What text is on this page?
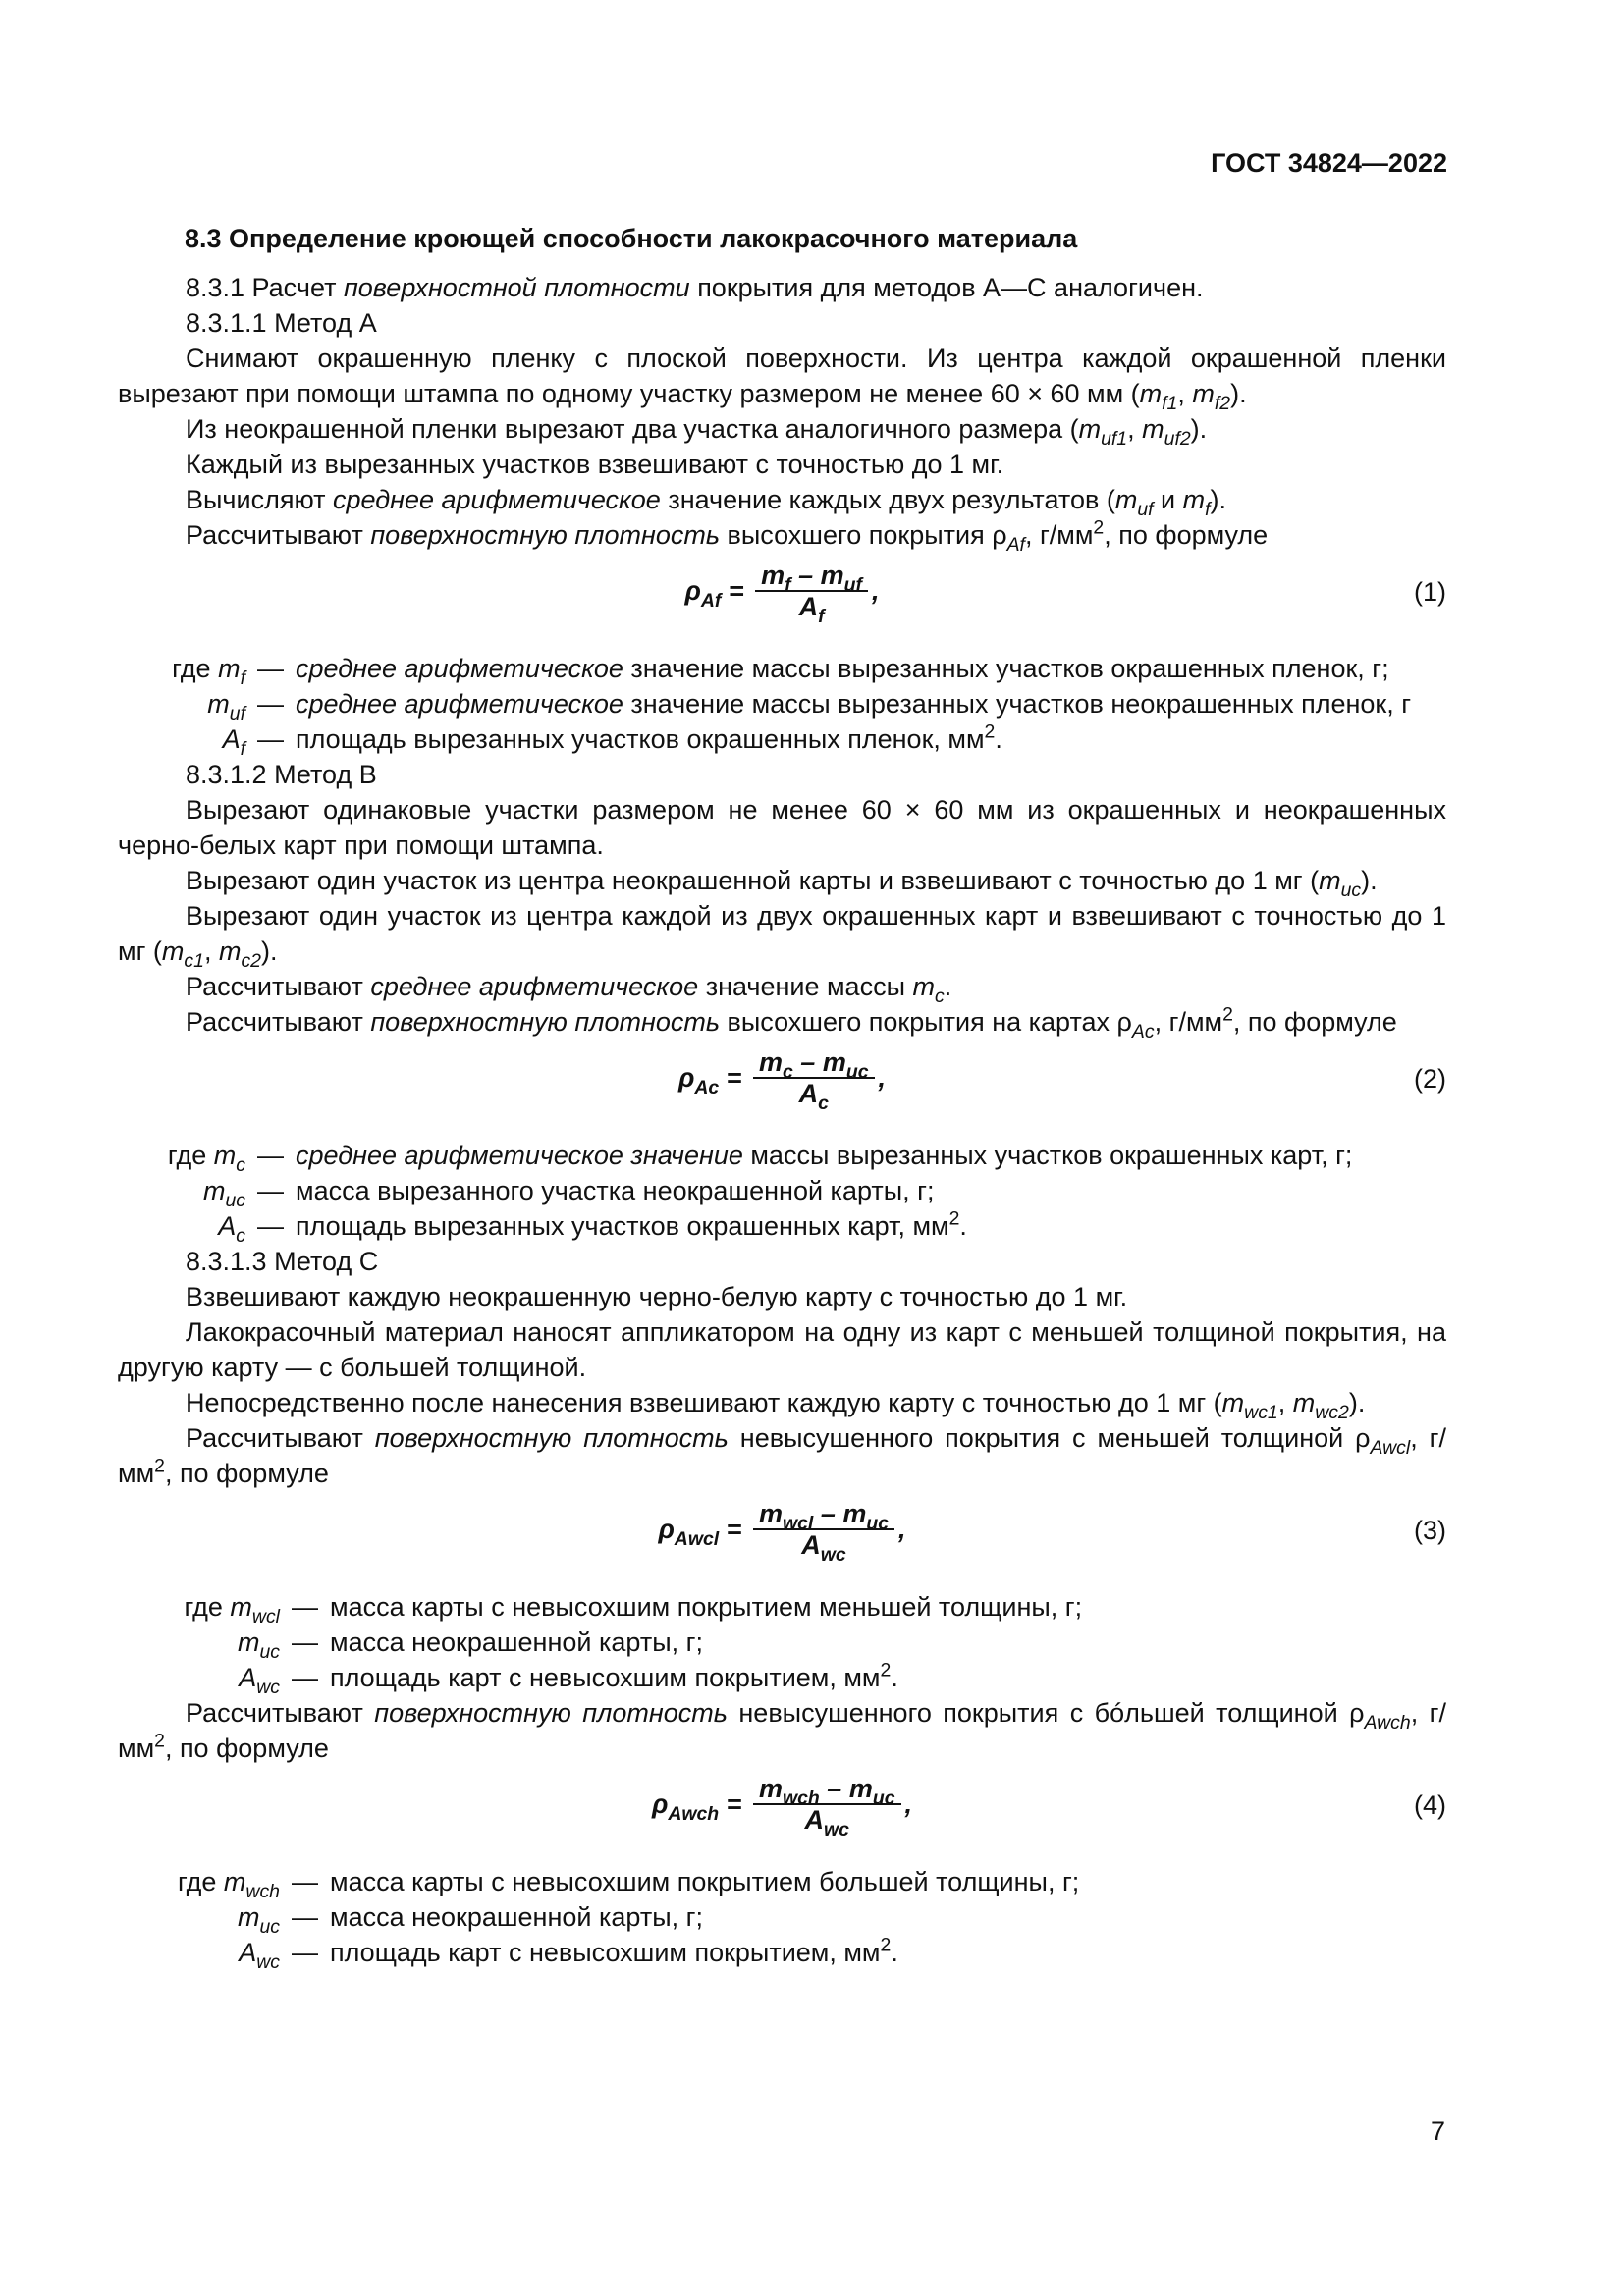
ГОСТ 34824—2022
8.3 Определение кроющей способности лакокрасочного материала

8.3.1 Расчет поверхностной плотности покрытия для методов А—С аналогичен.

8.3.1.1 Метод А

Снимают окрашенную пленку с плоской поверхности. Из центра каждой окрашенной пленки вырезают при помощи штампа по одному участку размером не менее 60 × 60 мм ($m_{f1}$, $m_{f2}$).

Из неокрашенной пленки вырезают два участка аналогичного размера ($m_{uf1}$, $m_{uf2}$).

Каждый из вырезанных участков взвешивают с точностью до 1 мг.

Вычисляют среднее арифметическое значение каждых двух результатов ($m_{uf}$ и $m_f$).

Рассчитывают поверхностную плотность высохшего покрытия $\rho_{Af}$, $г/мм^2$, по формуле

$\rho_{Af} = \frac{m_f - m_{uf}}{A_f}$ ,	(1)
где $m_f$ — среднее арифметическое значение массы вырезанных участков окрашенных пленок, г;
$m_{uf}$ — среднее арифметическое значение массы вырезанных участков неокрашенных пленок, г
$A_f$ — площадь вырезанных участков окрашенных пленок, $мм^2$.

8.3.1.2 Метод В

Вырезают одинаковые участки размером не менее 60 × 60 мм из окрашенных и неокрашенных черно-белых карт при помощи штампа.

Вырезают один участок из центра неокрашенной карты и взвешивают с точностью до 1 мг $(m_{uc})$.

Вырезают один участок из центра каждой из двух окрашенных карт и взвешивают с точностью до 1 мг ($m_{c1}$, $m_{c2}$).

Рассчитывают среднее арифметическое значение массы $m_c$.

Рассчитывают поверхностную плотность высохшего покрытия на картах $\rho_{Ac}$, $г/мм^2$, по формуле

$\rho_{Ac} = \frac{m_c - m_{uc}}{A_c}$ ,	(2)
где $m_c$ — среднее арифметическое значение массы вырезанных участков окрашенных карт, г;
$m_{uc}$ — масса вырезанного участка неокрашенной карты, г;
$A_c$ — площадь вырезанных участков окрашенных карт, $мм^2$.

8.3.1.3 Метод С

Взвешивают каждую неокрашенную черно-белую карту с точностью до 1 мг.

Лакокрасочный материал наносят аппликатором на одну из карт с меньшей толщиной покрытия, на другую карту — с большей толщиной.

Непосредственно после нанесения взвешивают каждую карту с точностью до 1 мг ($m_{wc1}$, $m_{wc2}$).

Рассчитывают поверхностную плотность невысушенного покрытия с меньшей толщиной $\rho_{Awcl}$, $г/мм^2$, по формуле

$\rho_{Awcl} = \frac{m_{wcl} - m_{uc}}{A_{wc}}$ ,	(3)
где $m_{wcl}$ — масса карты с невысохшим покрытием меньшей толщины, г;
$m_{uc}$ — масса неокрашенной карты, г;
$A_{wc}$ — площадь карт с невысохшим покрытием, $мм^2$.

Рассчитывают поверхностную плотность невысушенного покрытия с бóльшей толщиной $\rho_{Awch}$, $г/мм^2$, по формуле

$\rho_{Awch} = \frac{m_{wch} - m_{uc}}{A_{wc}}$ ,	(4)
где $m_{wch}$ — масса карты с невысохшим покрытием большей толщины, г;
$m_{uc}$ — масса неокрашенной карты, г;
$A_{wc}$ — площадь карт с невысохшим покрытием, $мм^2$.
7
